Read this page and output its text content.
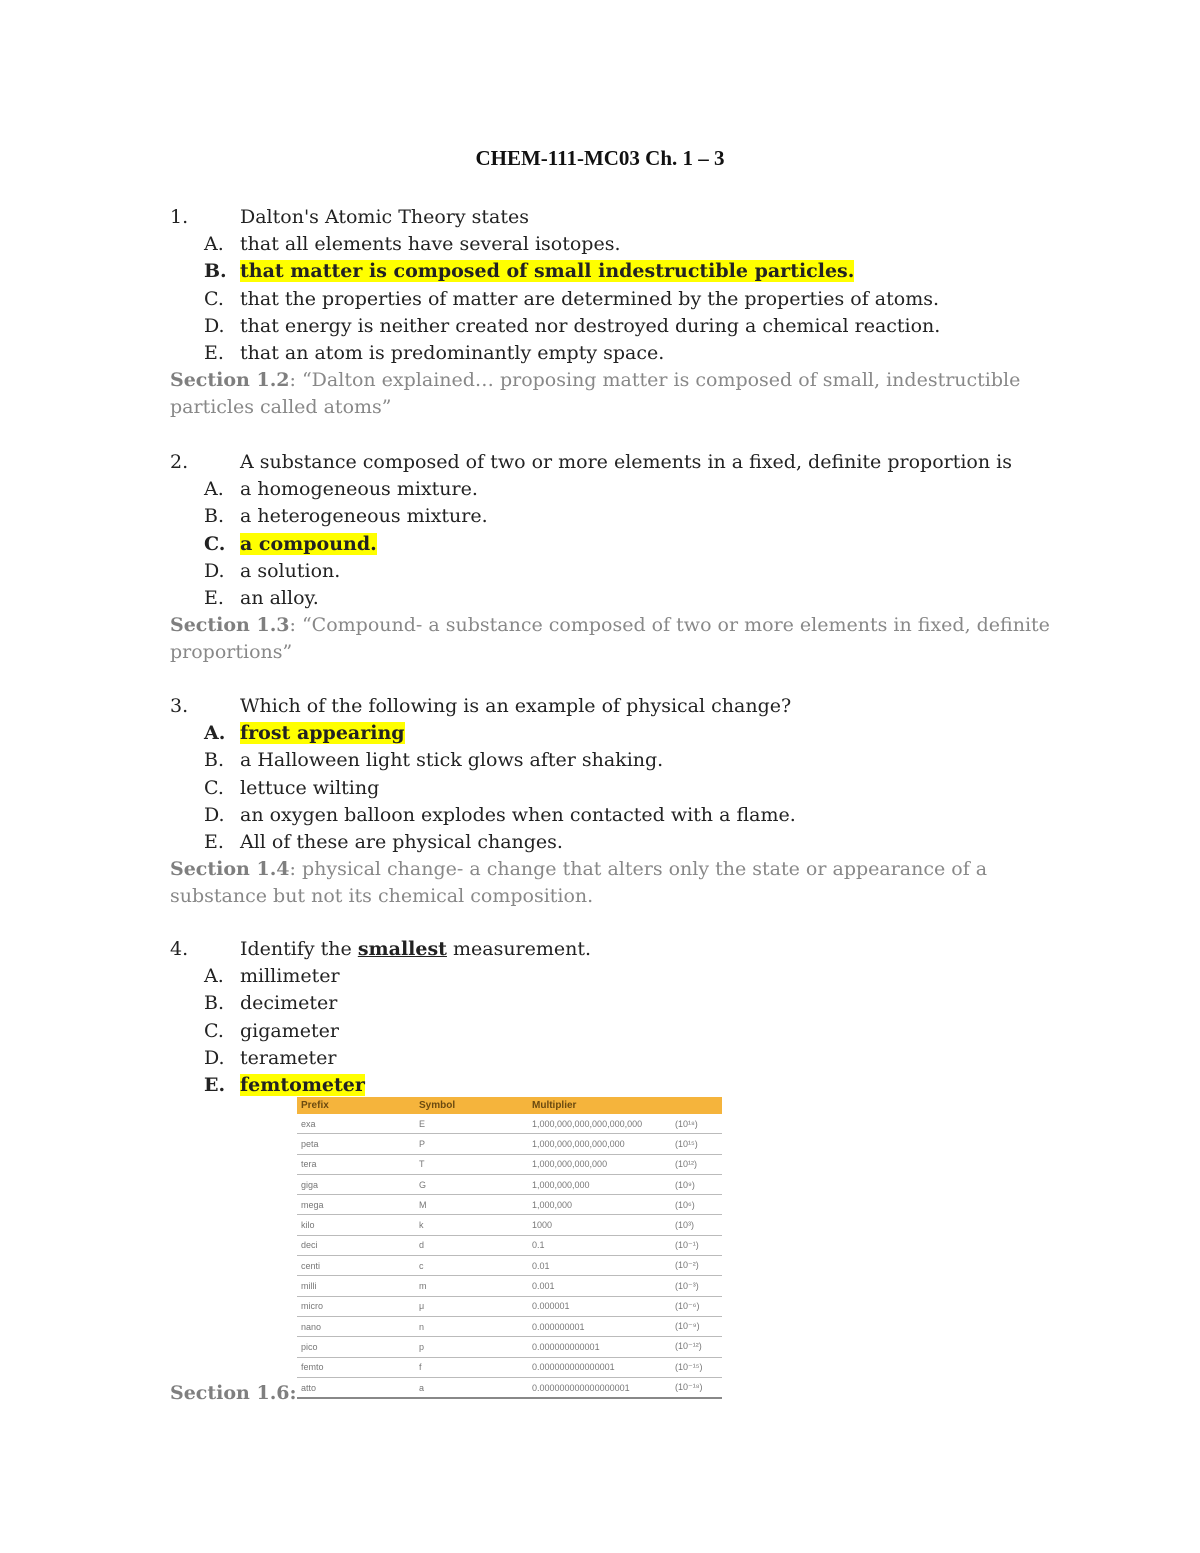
CHEM-111-MC03 Ch. 1 – 3
1.	Dalton's Atomic Theory states
A. that all elements have several isotopes.
B. that matter is composed of small indestructible particles.
C. that the properties of matter are determined by the properties of atoms.
D. that energy is neither created nor destroyed during a chemical reaction.
E. that an atom is predominantly empty space.
Section 1.2: “Dalton explained… proposing matter is composed of small, indestructible particles called atoms”
2.	A substance composed of two or more elements in a fixed, definite proportion is
A. a homogeneous mixture.
B. a heterogeneous mixture.
C. a compound.
D. a solution.
E. an alloy.
Section 1.3: “Compound- a substance composed of two or more elements in fixed, definite proportions”
3.	Which of the following is an example of physical change?
A. frost appearing
B. a Halloween light stick glows after shaking.
C. lettuce wilting
D. an oxygen balloon explodes when contacted with a flame.
E. All of these are physical changes.
Section 1.4: physical change- a change that alters only the state or appearance of a substance but not its chemical composition.
4.	Identify the smallest measurement.
A. millimeter
B. decimeter
C. gigameter
D. terameter
E. femtometer
Prefix	Symbol	Multiplier	
exa	E	1,000,000,000,000,000,000	(10¹⁸)
peta	P	1,000,000,000,000,000	(10¹⁵)
tera	T	1,000,000,000,000	(10¹²)
giga	G	1,000,000,000	(10⁹)
mega	M	1,000,000	(10⁶)
kilo	k	1000	(10³)
deci	d	0.1	(10⁻¹)
centi	c	0.01	(10⁻²)
milli	m	0.001	(10⁻³)
micro	μ	0.000001	(10⁻⁶)
nano	n	0.000000001	(10⁻⁹)
pico	p	0.000000000001	(10⁻¹²)
femto	f	0.000000000000001	(10⁻¹⁵)
atto	a	0.000000000000000001	(10⁻¹⁸)
Section 1.6:
